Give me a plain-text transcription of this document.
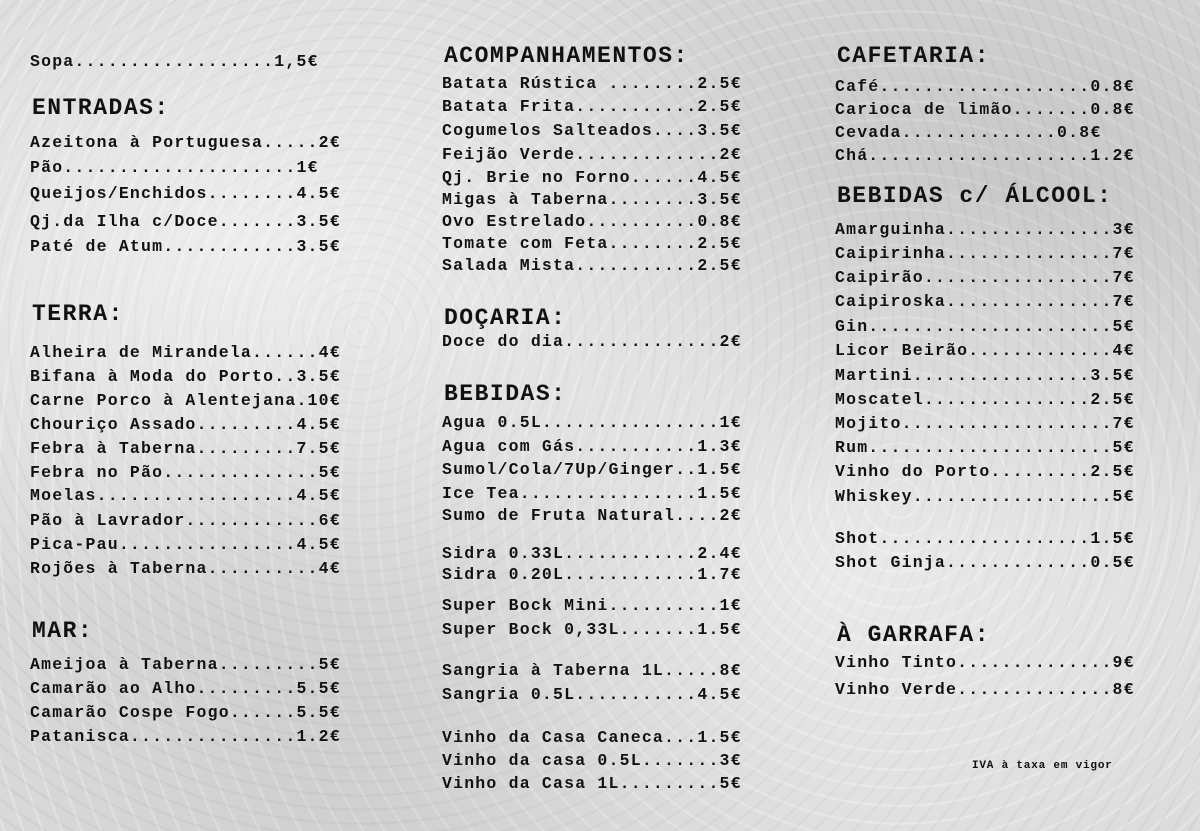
Sopa..................1,5€
ENTRADAS:
Azeitona à Portuguesa.....2€
Pão.....................1€
Queijos/Enchidos........4.5€
Qj.da Ilha c/Doce.......3.5€
Paté de Atum............3.5€
TERRA:
Alheira de Mirandela......4€
Bifana à Moda do Porto..3.5€
Carne Porco à Alentejana.10€
Chouriço Assado.........4.5€
Febra à Taberna.........7.5€
Febra no Pão..............5€
Moelas..................4.5€
Pão à Lavrador............6€
Pica-Pau................4.5€
Rojões à Taberna..........4€
MAR:
Ameijoa à Taberna.........5€
Camarão ao Alho.........5.5€
Camarão Cospe Fogo......5.5€
Patanisca...............1.2€
ACOMPANHAMENTOS:
Batata Rústica ........2.5€
Batata Frita...........2.5€
Cogumelos Salteados....3.5€
Feijão Verde.............2€
Qj. Brie no Forno......4.5€
Migas à Taberna........3.5€
Ovo Estrelado..........0.8€
Tomate com Feta........2.5€
Salada Mista...........2.5€
DOÇARIA:
Doce do dia..............2€
BEBIDAS:
Agua 0.5L................1€
Agua com Gás...........1.3€
Sumol/Cola/7Up/Ginger..1.5€
Ice Tea................1.5€
Sumo de Fruta Natural....2€
Sidra 0.33L............2.4€
Sidra 0.20L............1.7€
Super Bock Mini..........1€
Super Bock 0,33L.......1.5€
Sangria à Taberna 1L.....8€
Sangria 0.5L...........4.5€
Vinho da Casa Caneca...1.5€
Vinho da casa 0.5L.......3€
Vinho da Casa 1L.........5€
CAFETARIA:
Café...................0.8€
Carioca de limão.......0.8€
Cevada..............0.8€
Chá....................1.2€
BEBIDAS c/ ÁLCOOL:
Amarguinha...............3€
Caipirinha...............7€
Caipirão.................7€
Caipiroska...............7€
Gin......................5€
Licor Beirão.............4€
Martini................3.5€
Moscatel...............2.5€
Mojito...................7€
Rum......................5€
Vinho do Porto.........2.5€
Whiskey..................5€
Shot...................1.5€
Shot Ginja.............0.5€
À GARRAFA:
Vinho Tinto..............9€
Vinho Verde..............8€
IVA à taxa em vigor
